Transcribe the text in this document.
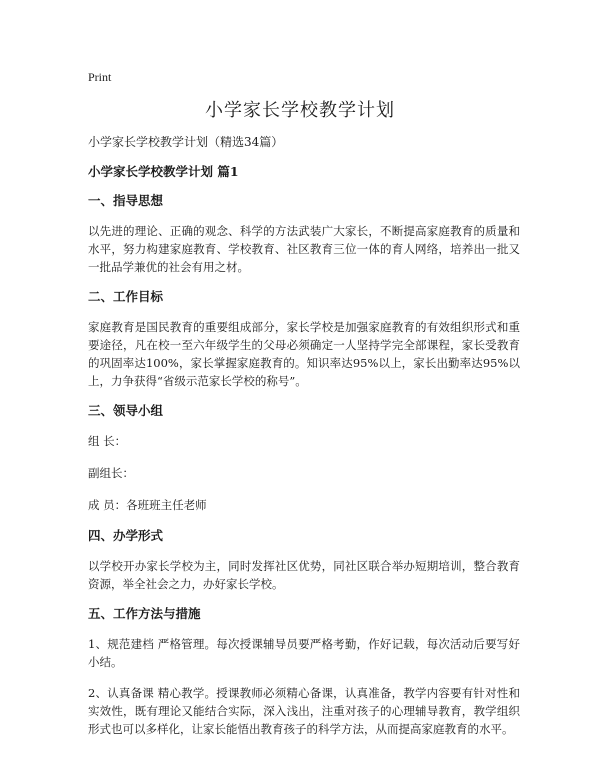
Print
小学家长学校教学计划
小学家长学校教学计划（精选34篇）
小学家长学校教学计划 篇1
一、指导思想
以先进的理论、正确的观念、科学的方法武装广大家长，不断提高家庭教育的质量和水平，努力构建家庭教育、学校教育、社区教育三位一体的育人网络，培养出一批又一批品学兼优的社会有用之材。
二、工作目标
家庭教育是国民教育的重要组成部分，家长学校是加强家庭教育的有效组织形式和重要途径，凡在校一至六年级学生的父母必须确定一人坚持学完全部课程，家长受教育的巩固率达100%，家长掌握家庭教育的。知识率达95%以上，家长出勤率达95%以上，力争获得“省级示范家长学校的称号”。
三、领导小组
组 长：
副组长：
成 员：各班班主任老师
四、办学形式
以学校开办家长学校为主，同时发挥社区优势，同社区联合举办短期培训，整合教育资源，举全社会之力，办好家长学校。
五、工作方法与措施
1、规范建档 严格管理。每次授课辅导员要严格考勤，作好记载，每次活动后要写好小结。
2、认真备课 精心教学。授课教师必须精心备课，认真准备，教学内容要有针对性和实效性，既有理论又能结合实际，深入浅出，注重对孩子的心理辅导教育，教学组织形式也可以多样化，让家长能悟出教育孩子的科学方法，从而提高家庭教育的水平。
